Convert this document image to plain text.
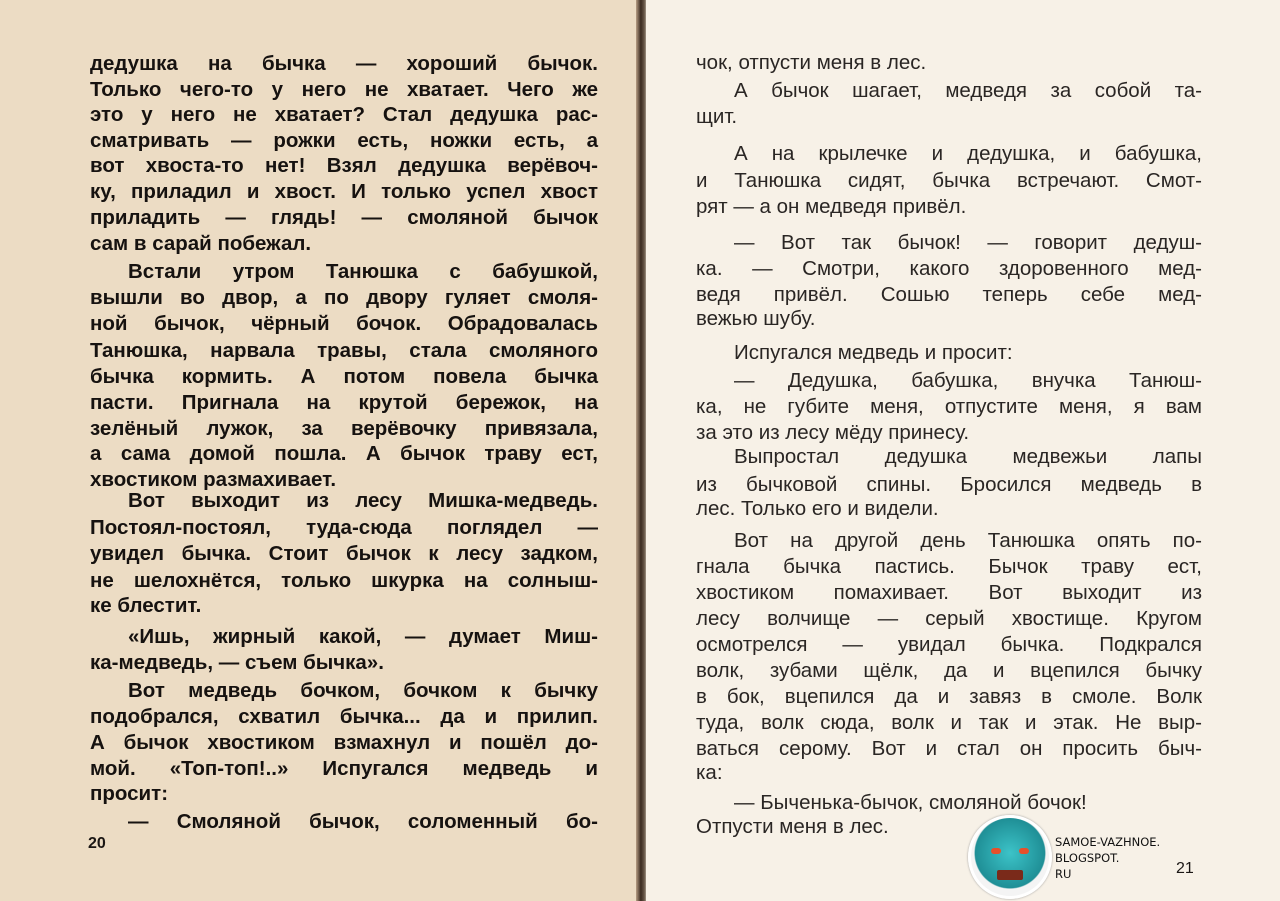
дедушка на бычка — хороший бычок.
Только чего-то у него не хватает. Чего же
это у него не хватает? Стал дедушка рас-
сматривать — рожки есть, ножки есть, а
вот хвоста-то нет! Взял дедушка верёвоч-
ку, приладил и хвост. И только успел хвост
приладить — глядь! — смоляной бычок
сам в сарай побежал.
Встали утром Танюшка с бабушкой,
вышли во двор, а по двору гуляет смоля-
ной бычок, чёрный бочок. Обрадовалась
Танюшка, нарвала травы, стала смоляного
бычка кормить. А потом повела бычка
пасти. Пригнала на крутой бережок, на
зелёный лужок, за верёвочку привязала,
а сама домой пошла. А бычок траву ест,
хвостиком размахивает.
Вот выходит из лесу Мишка-медведь.
Постоял-постоял, туда-сюда поглядел —
увидел бычка. Стоит бычок к лесу задком,
не шелохнётся, только шкурка на солныш-
ке блестит.
«Ишь, жирный какой, — думает Миш-
ка-медведь, — съем бычка».
Вот медведь бочком, бочком к бычку
подобрался, схватил бычка... да и прилип.
А бычок хвостиком взмахнул и пошёл до-
мой. «Топ-топ!..» Испугался медведь и
просит:
— Смоляной бычок, соломенный бо-
20
чок, отпусти меня в лес.
А бычок шагает, медведя за собой та-
щит.
А на крылечке и дедушка, и бабушка,
и Танюшка сидят, бычка встречают. Смот-
рят — а он медведя привёл.
— Вот так бычок! — говорит дедуш-
ка. — Смотри, какого здоровенного мед-
ведя привёл. Сошью теперь себе мед-
вежью шубу.
Испугался медведь и просит:
— Дедушка, бабушка, внучка Танюш-
ка, не губите меня, отпустите меня, я вам
за это из лесу мёду принесу.
Выпростал дедушка медвежьи лапы
из бычковой спины. Бросился медведь в
лес. Только его и видели.
Вот на другой день Танюшка опять по-
гнала бычка пастись. Бычок траву ест,
хвостиком помахивает. Вот выходит из
лесу волчище — серый хвостище. Кругом
осмотрелся — увидал бычка. Подкрался
волк, зубами щёлк, да и вцепился бычку
в бок, вцепился да и завяз в смоле. Волк
туда, волк сюда, волк и так и этак. Не выр-
ваться серому. Вот и стал он просить быч-
ка:
— Быченька-бычок, смоляной бочок!
Отпусти меня в лес.
21
SAMOE-VAZHNOE.
BLOGSPOT.
RU
